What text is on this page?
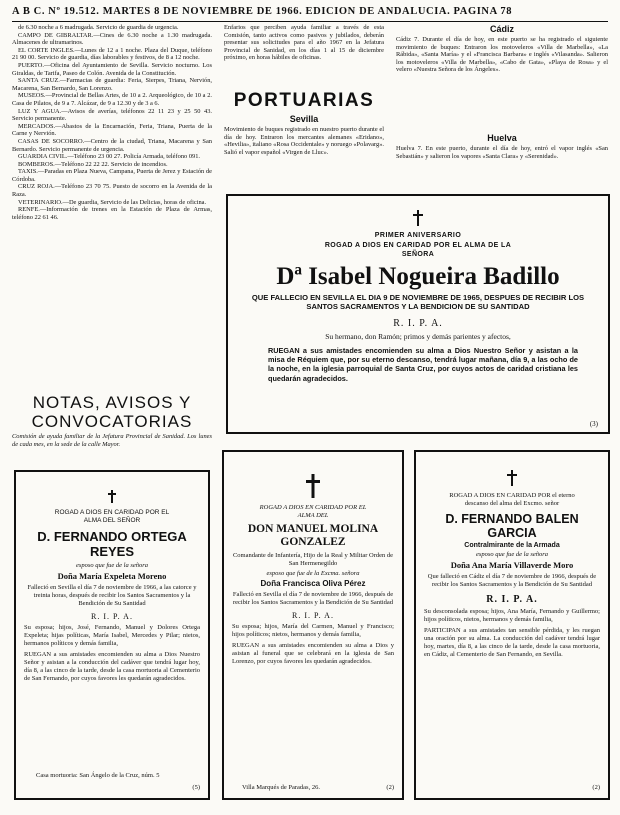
A B C. Nº 19.512. MARTES 8 DE NOVIEMBRE DE 1966. EDICION DE ANDALUCIA. PAGINA 78

de 6.30 noche a 6 madrugada. Servicio de guardia de urgencia.

CAMPO DE GIBRALTAR.—Cines de 6.30 noche a 1.30 madrugada. Almacenes de ultramarinos.

EL CORTE INGLES.—Lunes de 12 a 1 noche. Plaza del Duque, teléfono 21 90 00. Servicio de guardia, días laborables y festivos, de 8 a 12 noche.

PUERTO.—Oficina del Ayuntamiento de Sevilla. Servicio nocturno. Los Giraldas, de Tarifa, Paseo de Colón. Avenida de la Constitución.

SANTA CRUZ.—Farmacias de guardia: Feria, Sierpes, Triana, Nervión, Macarena, San Bernardo, San Lorenzo.

MUSEOS.—Provincial de Bellas Artes, de 10 a 2. Arqueológico, de 10 a 2. Casa de Pilatos, de 9 a 7. Alcázar, de 9 a 12.30 y de 3 a 6.

LUZ Y AGUA.—Avisos de averías, teléfonos 22 11 23 y 25 50 43. Servicio permanente.

MERCADOS.—Abastos de la Encarnación, Feria, Triana, Puerta de la Carne y Nervión.

CASAS DE SOCORRO.—Centro de la ciudad, Triana, Macarena y San Bernardo. Servicio permanente de urgencia.

GUARDIA CIVIL.—Teléfono 23 00 27. Policía Armada, teléfono 091.

BOMBEROS.—Teléfono 22 22 22. Servicio de incendios.

TAXIS.—Paradas en Plaza Nueva, Campana, Puerta de Jerez y Estación de Córdoba.

CRUZ ROJA.—Teléfono 23 70 75. Puesto de socorro en la Avenida de la Raza.

VETERINARIO.—De guardia, Servicio de las Delicias, horas de oficina.

RENFE.—Información de trenes en la Estación de Plaza de Armas, teléfono 22 61 46.

NOTAS, AVISOS Y CONVOCATORIAS
Comisión de ayuda familiar de la Jefatura Provincial de Sanidad. Los lunes de cada mes, en la sede de la calle Mayor.
Enfarios que perciben ayuda familiar a través de esta Comisión, tanto activos como pasivos y jubilados, deberán presentar sus solicitudes para el año 1967 en la Jefatura Provincial de Sanidad, en los días 1 al 15 de diciembre próximo, en horas hábiles de oficinas.
PORTUARIAS
Sevilla
Movimiento de buques registrado en nuestro puerto durante el día de hoy. Entraron los mercantes alemanes «Eridano», «Hevilia», italiano «Rosa Occidentale» y noruego «Polavarg». Salió el vapor español «Virgen de Lluc».
Cádiz
Cádiz 7. Durante el día de hoy, en este puerto se ha registrado el siguiente movimiento de buques: Entraron los motoveleros «Villa de Marbella», «La Rábida», «Santa María» y el «Francisca Barbara» e inglés «Vilasanda». Salieron los motoveleros «Villa de Marbella», «Cabo de Gata», «Playa de Rosa» y el velero «Nuestra Señora de los Ángeles».
Huelva
Huelva 7. En este puerto, durante el día de hoy, entró el vapor inglés «San Sebastián» y salieron los vapores «Santa Clara» y «Serenidad».
PRIMER ANIVERSARIO
ROGAD A DIOS EN CARIDAD POR EL ALMA DE LA SEÑORA
Dª Isabel Nogueira Badillo
QUE FALLECIO EN SEVILLA EL DIA 9 DE NOVIEMBRE DE 1965, DESPUES DE RECIBIR LOS SANTOS SACRAMENTOS Y LA BENDICION DE SU SANTIDAD
R. I. P. A.
Su hermano, don Ramón; primos y demás parientes y afectos,
RUEGAN a sus amistades encomienden su alma a Dios Nuestro Señor y asistan a la misa de Réquiem que, por su eterno descanso, tendrá lugar mañana, día 9, a las ocho de la noche, en la iglesia parroquial de Santa Cruz, por cuyos actos de caridad cristiana les quedarán agradecidos.
(3)
ROGAD A DIOS EN CARIDAD POR EL ALMA DEL SEÑOR
D. FERNANDO ORTEGA REYES
esposo que fue de la señora
Doña María Expeleta Moreno
Falleció en Sevilla el día 7 de noviembre de 1966, a las catorce y treinta horas, después de recibir los Santos Sacramentos y la Bendición de Su Santidad
R. I. P. A.
Su esposa; hijos, José, Fernando, Manuel y Dolores Ortega Expeleta; hijas políticas, María Isabel, Mercedes y Pilar; nietos, hermanos políticos y demás familia,
RUEGAN a sus amistades encomienden su alma a Dios Nuestro Señor y asistan a la conducción del cadáver que tendrá lugar hoy, día 8, a las cinco de la tarde, desde la casa mortuoria al Cementerio de San Fernando, por cuyos favores les quedarán agradecidos.
Casa mortuoria: San Ángelo de la Cruz, núm. 5
(5)
ROGAD A DIOS EN CARIDAD POR EL ALMA DEL
DON MANUEL MOLINA GONZALEZ
Comandante de Infantería, Hijo de la Real y Militar Orden de San Hermenegildo
esposo que fue de la Excma. señora
Doña Francisca Oliva Pérez
Falleció en Sevilla el día 7 de noviembre de 1966, después de recibir los Santos Sacramentos y la Bendición de Su Santidad
R. I. P. A.
Su esposa; hijos, María del Carmen, Manuel y Francisco; hijos políticos; nietos, hermanos y demás familia,
RUEGAN a sus amistades encomienden su alma a Dios y asistan al funeral que se celebrará en la iglesia de San Lorenzo, por cuyos favores les quedarán agradecidos.
Villa Marqués de Paradas, 26.	(2)
ROGAD A DIOS EN CARIDAD POR el eterno descanso del alma del Excmo. señor
D. FERNANDO BALEN GARCIA
Contralmirante de la Armada
esposo que fue de la señora
Doña Ana María Villaverde Moro
Que falleció en Cádiz el día 7 de noviembre de 1966, después de recibir los Santos Sacramentos y la Bendición de Su Santidad
R. I. P. A.
Su desconsolada esposa; hijos, Ana María, Fernando y Guillermo; hijos políticos, nietos, hermanos y demás familia,
PARTICIPAN a sus amistades tan sensible pérdida, y les ruegan una oración por su alma. La conducción del cadáver tendrá lugar hoy, martes, día 8, a las cinco de la tarde, desde la casa mortuoria, en Cádiz, al Cementerio de San Fernando, en Sevilla.
(2)
